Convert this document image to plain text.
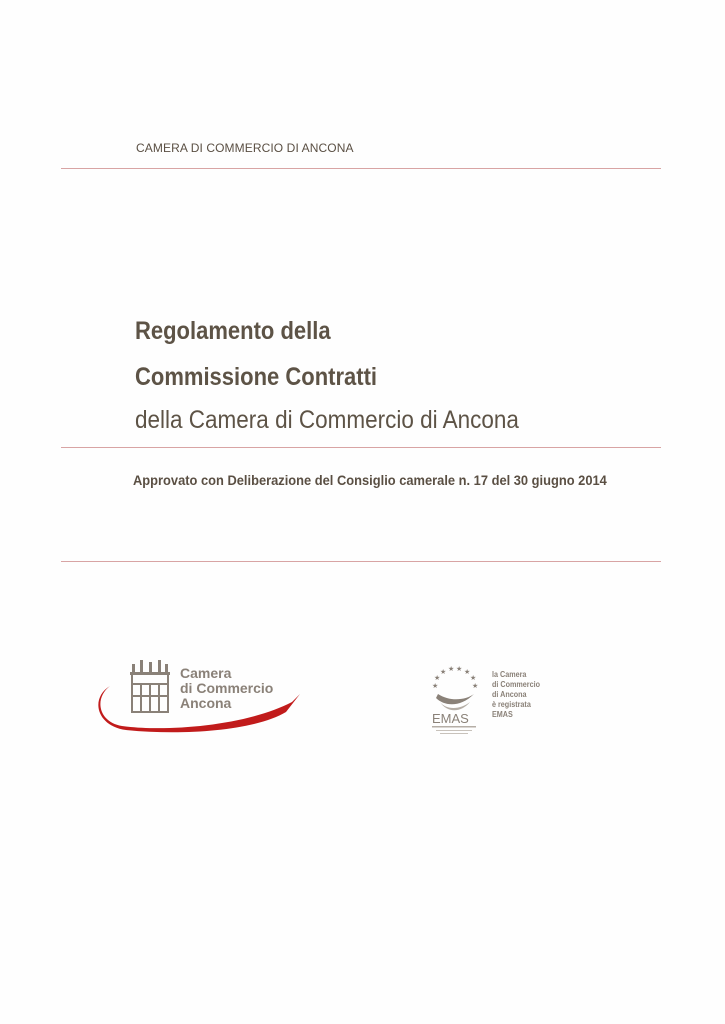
CAMERA DI COMMERCIO DI ANCONA
Regolamento della
Commissione Contratti
della Camera di Commercio di Ancona
Approvato con Deliberazione del Consiglio camerale n. 17 del 30 giugno 2014
Camera
di Commercio
Ancona
★ ★ ★ ★
★	★
★	★
EMAS
la Camera
di Commercio
di Ancona
è registrata
EMAS
